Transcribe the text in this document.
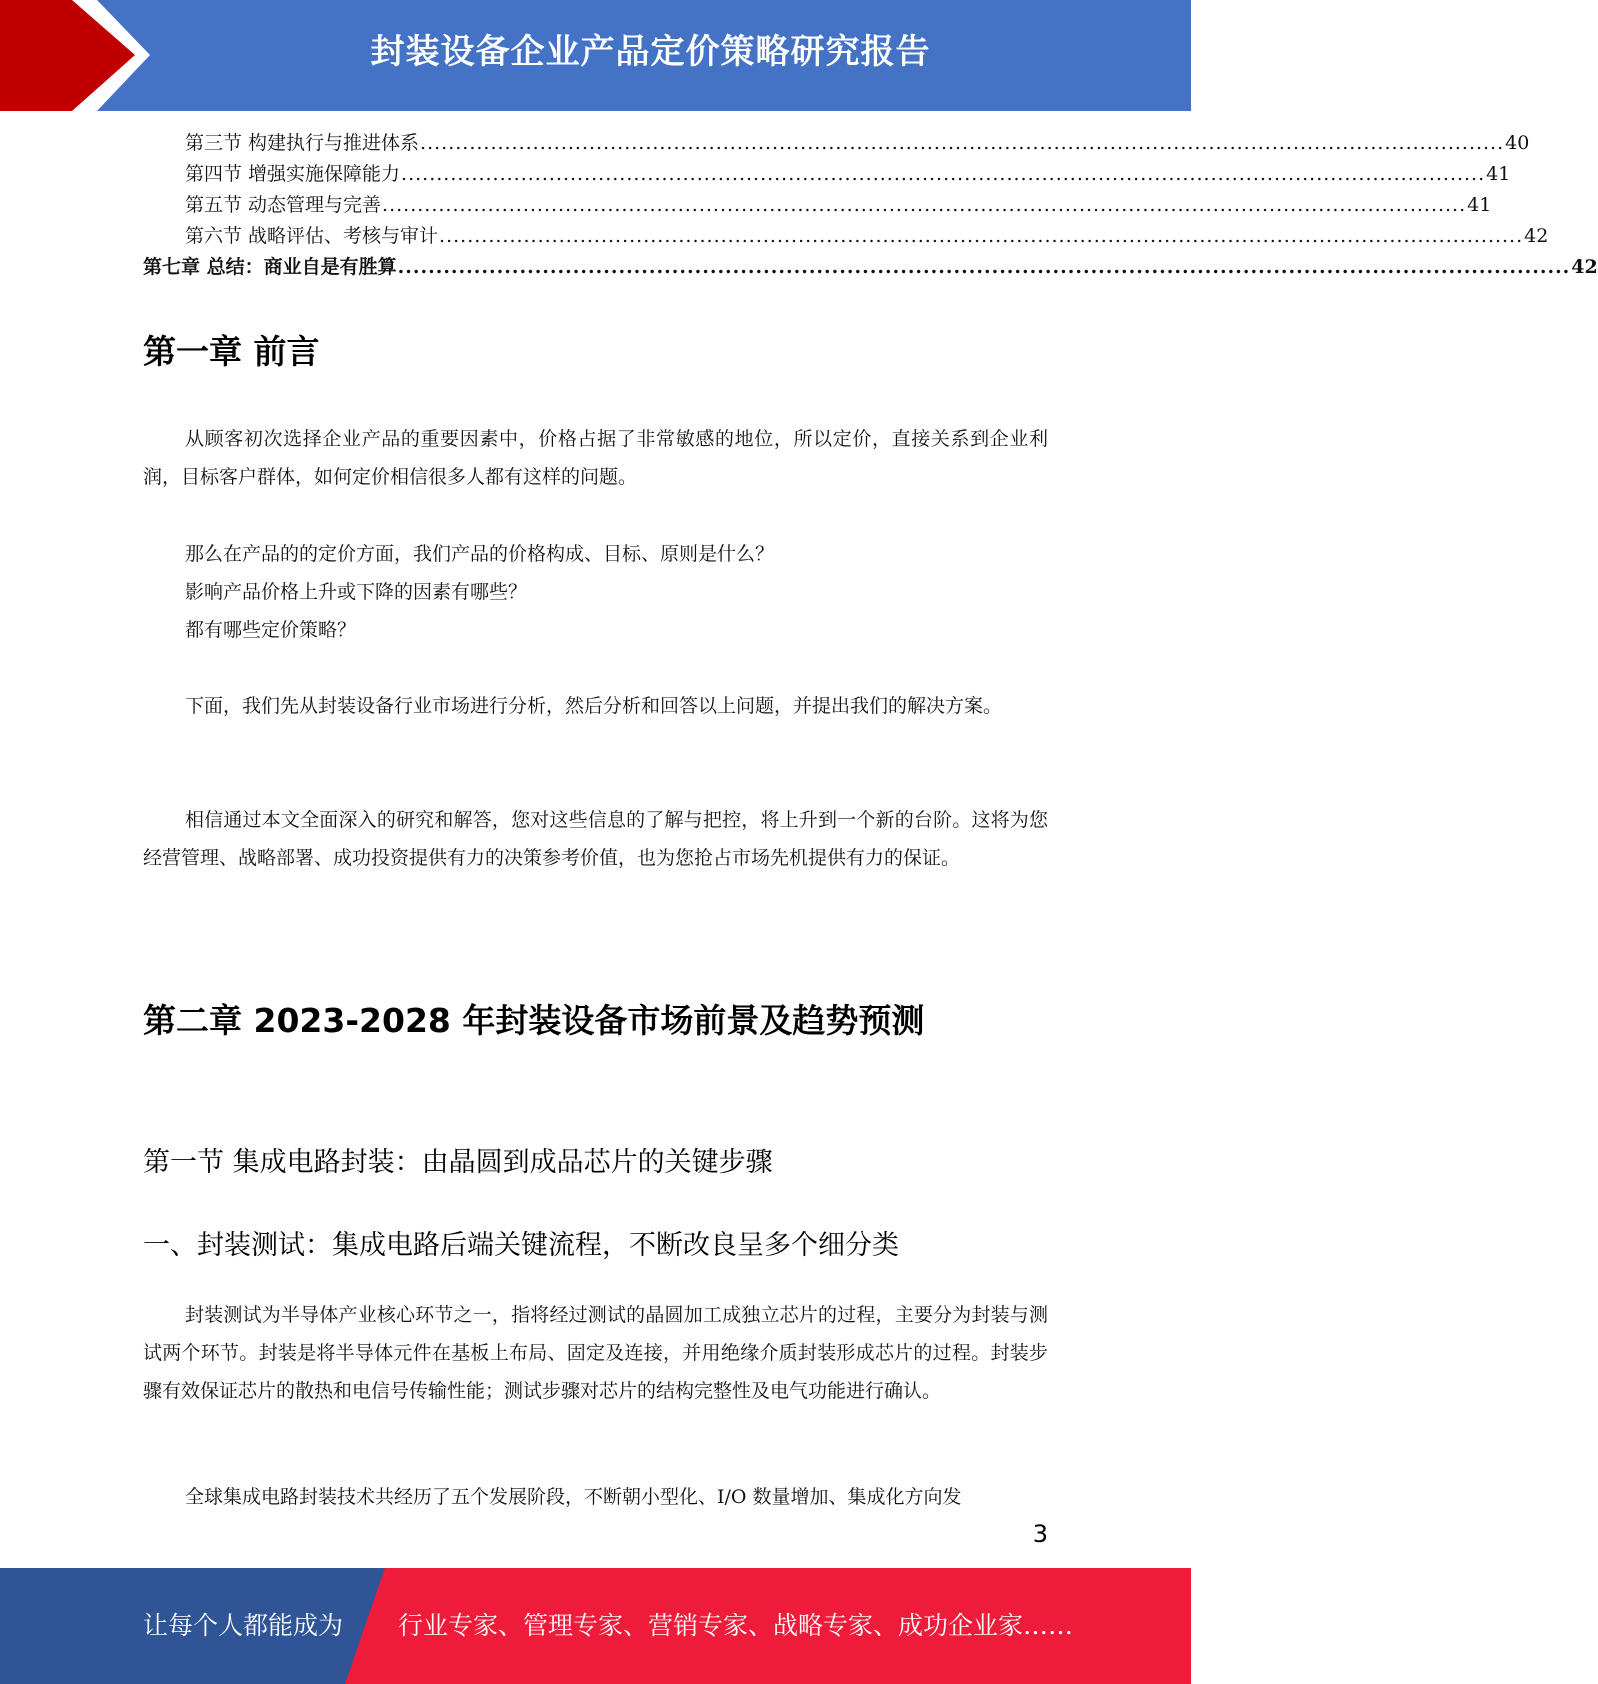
封装设备企业产品定价策略研究报告
第三节 构建执行与推进体系 .......................................................................................................................................................... 40
第四节 增强实施保障能力 .......................................................................................................................................................... 41
第五节 动态管理与完善 .......................................................................................................................................................... 41
第六节 战略评估、考核与审计 .......................................................................................................................................................... 42
第七章 总结：商业自是有胜算 .......................................................................................................................................................... 42
第一章 前言

从顾客初次选择企业产品的重要因素中，价格占据了非常敏感的地位，所以定价，直接关系到企业利润，目标客户群体，如何定价相信很多人都有这样的问题。

那么在产品的的定价方面，我们产品的价格构成、目标、原则是什么？
影响产品价格上升或下降的因素有哪些？
都有哪些定价策略？

下面，我们先从封装设备行业市场进行分析，然后分析和回答以上问题，并提出我们的解决方案。

相信通过本文全面深入的研究和解答，您对这些信息的了解与把控，将上升到一个新的台阶。这将为您经营管理、战略部署、成功投资提供有力的决策参考价值，也为您抢占市场先机提供有力的保证。

第二章 2023-2028 年封装设备市场前景及趋势预测
第一节 集成电路封装：由晶圆到成品芯片的关键步骤
一、封装测试：集成电路后端关键流程，不断改良呈多个细分类

封装测试为半导体产业核心环节之一，指将经过测试的晶圆加工成独立芯片的过程，主要分为封装与测试两个环节。封装是将半导体元件在基板上布局、固定及连接，并用绝缘介质封装形成芯片的过程。封装步骤有效保证芯片的散热和电信号传输性能；测试步骤对芯片的结构完整性及电气功能进行确认。

全球集成电路封装技术共经历了五个发展阶段，不断朝小型化、I/O 数量增加、集成化方向发

3
让每个人都能成为 行业专家、管理专家、营销专家、战略专家、成功企业家……
